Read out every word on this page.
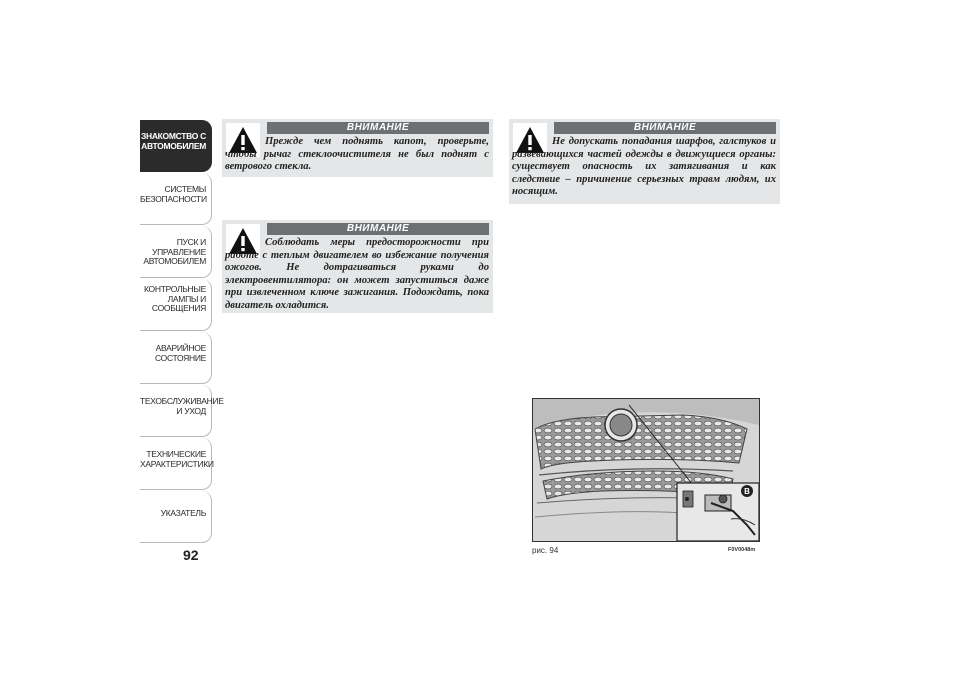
ЗНАКОМСТВО С
АВТОМОБИЛЕМ
СИСТЕМЫ
БЕЗОПАСНОСТИ
ПУСК И УПРАВЛЕНИЕ
АВТОМОБИЛЕМ
КОНТРОЛЬНЫЕ
ЛАМПЫ И
СООБЩЕНИЯ
АВАРИЙНОЕ
СОСТОЯНИЕ
ТЕХОБСЛУЖИВАНИЕ
И УХОД
ТЕХНИЧЕСКИЕ
ХАРАКТЕРИСТИКИ
УКАЗАТЕЛЬ
92
ВНИМАНИЕ
Прежде чем поднять капот, проверьте, чтобы рычаг стеклоочистителя не был поднят с ветрового стекла.
ВНИМАНИЕ
Соблюдать меры предосторожности при работе с теплым двигателем во избежание получения ожогов. Не дотрагиваться руками до электровентилятора: он может запуститься даже при извлеченном ключе зажигания. Подождать, пока двигатель охладится.
ВНИМАНИЕ
Не допускать попадания шарфов, галстуков и развевающихся частей одежды в движущиеся органы: существует опасность их затягивания и как следствие – причинение серьезных травм людям, их носящим.
B
рис. 94	F0V0048m
